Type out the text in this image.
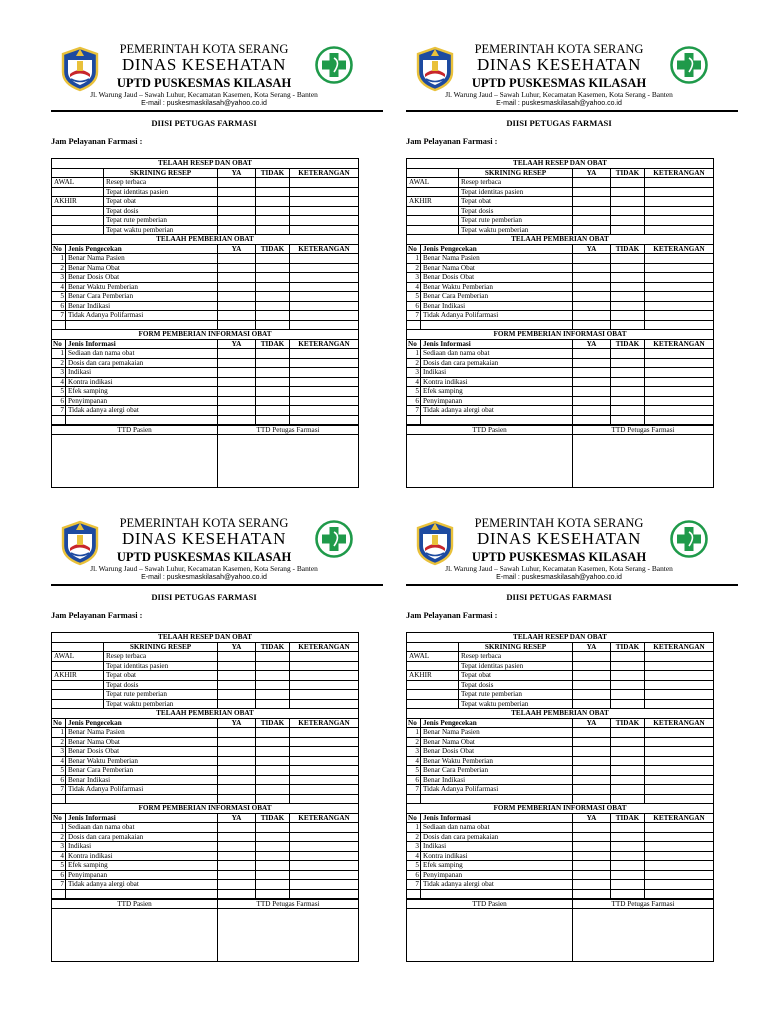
PEMERINTAH KOTA SERANG
DINAS KESEHATAN
UPTD PUSKESMAS KILASAH
Jl. Warung Jaud – Sawah Luhur, Kecamatan Kasemen, Kota Serang - Banten
E-mail : puskesmaskilasah@yahoo.co.id
DIISI PETUGAS FARMASI
Jam Pelayanan Farmasi :
TELAAH RESEP DAN OBAT
SKRINING RESEP	YA	TIDAK	KETERANGAN
AWAL	Resep terbaca
Tepat identitas pasien
AKHIR	Tepat obat
Tepat dosis
Tepat rute pemberian
Tepat waktu pemberian
TELAAH PEMBERIAN OBAT
No Jenis Pengecekan	YA	TIDAK	KETERANGAN
1 Benar Nama Pasien
2 Benar Nama Obat
3 Benar Dosis Obat
4 Benar Waktu Pemberian
5 Benar Cara Pemberian
6 Benar Indikasi
7 Tidak Adanya Polifarmasi
FORM PEMBERIAN INFORMASI OBAT
No Jenis Informasi	YA	TIDAK	KETERANGAN
1 Sediaan dan nama obat
2 Dosis dan cara pemakaian
3 Indikasi
4 Kontra indikasi
5 Efek samping
6 Penyimpanan
7 Tidak adanya alergi obat
TTD Pasien	TTD Petugas Farmasi
PEMERINTAH KOTA SERANG
DINAS KESEHATAN
UPTD PUSKESMAS KILASAH
Jl. Warung Jaud – Sawah Luhur, Kecamatan Kasemen, Kota Serang - Banten
E-mail : puskesmaskilasah@yahoo.co.id
DIISI PETUGAS FARMASI
Jam Pelayanan Farmasi :
TELAAH RESEP DAN OBAT
SKRINING RESEP	YA	TIDAK	KETERANGAN
AWAL	Resep terbaca
Tepat identitas pasien
AKHIR	Tepat obat
Tepat dosis
Tepat rute pemberian
Tepat waktu pemberian
TELAAH PEMBERIAN OBAT
No Jenis Pengecekan	YA	TIDAK	KETERANGAN
1 Benar Nama Pasien
2 Benar Nama Obat
3 Benar Dosis Obat
4 Benar Waktu Pemberian
5 Benar Cara Pemberian
6 Benar Indikasi
7 Tidak Adanya Polifarmasi
FORM PEMBERIAN INFORMASI OBAT
No Jenis Informasi	YA	TIDAK	KETERANGAN
1 Sediaan dan nama obat
2 Dosis dan cara pemakaian
3 Indikasi
4 Kontra indikasi
5 Efek samping
6 Penyimpanan
7 Tidak adanya alergi obat
TTD Pasien	TTD Petugas Farmasi
PEMERINTAH KOTA SERANG
DINAS KESEHATAN
UPTD PUSKESMAS KILASAH
Jl. Warung Jaud – Sawah Luhur, Kecamatan Kasemen, Kota Serang - Banten
E-mail : puskesmaskilasah@yahoo.co.id
DIISI PETUGAS FARMASI
Jam Pelayanan Farmasi :
TELAAH RESEP DAN OBAT
SKRINING RESEP	YA	TIDAK	KETERANGAN
AWAL	Resep terbaca
Tepat identitas pasien
AKHIR	Tepat obat
Tepat dosis
Tepat rute pemberian
Tepat waktu pemberian
TELAAH PEMBERIAN OBAT
No Jenis Pengecekan	YA	TIDAK	KETERANGAN
1 Benar Nama Pasien
2 Benar Nama Obat
3 Benar Dosis Obat
4 Benar Waktu Pemberian
5 Benar Cara Pemberian
6 Benar Indikasi
7 Tidak Adanya Polifarmasi
FORM PEMBERIAN INFORMASI OBAT
No Jenis Informasi	YA	TIDAK	KETERANGAN
1 Sediaan dan nama obat
2 Dosis dan cara pemakaian
3 Indikasi
4 Kontra indikasi
5 Efek samping
6 Penyimpanan
7 Tidak adanya alergi obat
TTD Pasien	TTD Petugas Farmasi
PEMERINTAH KOTA SERANG
DINAS KESEHATAN
UPTD PUSKESMAS KILASAH
Jl. Warung Jaud – Sawah Luhur, Kecamatan Kasemen, Kota Serang - Banten
E-mail : puskesmaskilasah@yahoo.co.id
DIISI PETUGAS FARMASI
Jam Pelayanan Farmasi :
TELAAH RESEP DAN OBAT
SKRINING RESEP	YA	TIDAK	KETERANGAN
AWAL	Resep terbaca
Tepat identitas pasien
AKHIR	Tepat obat
Tepat dosis
Tepat rute pemberian
Tepat waktu pemberian
TELAAH PEMBERIAN OBAT
No Jenis Pengecekan	YA	TIDAK	KETERANGAN
1 Benar Nama Pasien
2 Benar Nama Obat
3 Benar Dosis Obat
4 Benar Waktu Pemberian
5 Benar Cara Pemberian
6 Benar Indikasi
7 Tidak Adanya Polifarmasi
FORM PEMBERIAN INFORMASI OBAT
No Jenis Informasi	YA	TIDAK	KETERANGAN
1 Sediaan dan nama obat
2 Dosis dan cara pemakaian
3 Indikasi
4 Kontra indikasi
5 Efek samping
6 Penyimpanan
7 Tidak adanya alergi obat
TTD Pasien	TTD Petugas Farmasi
